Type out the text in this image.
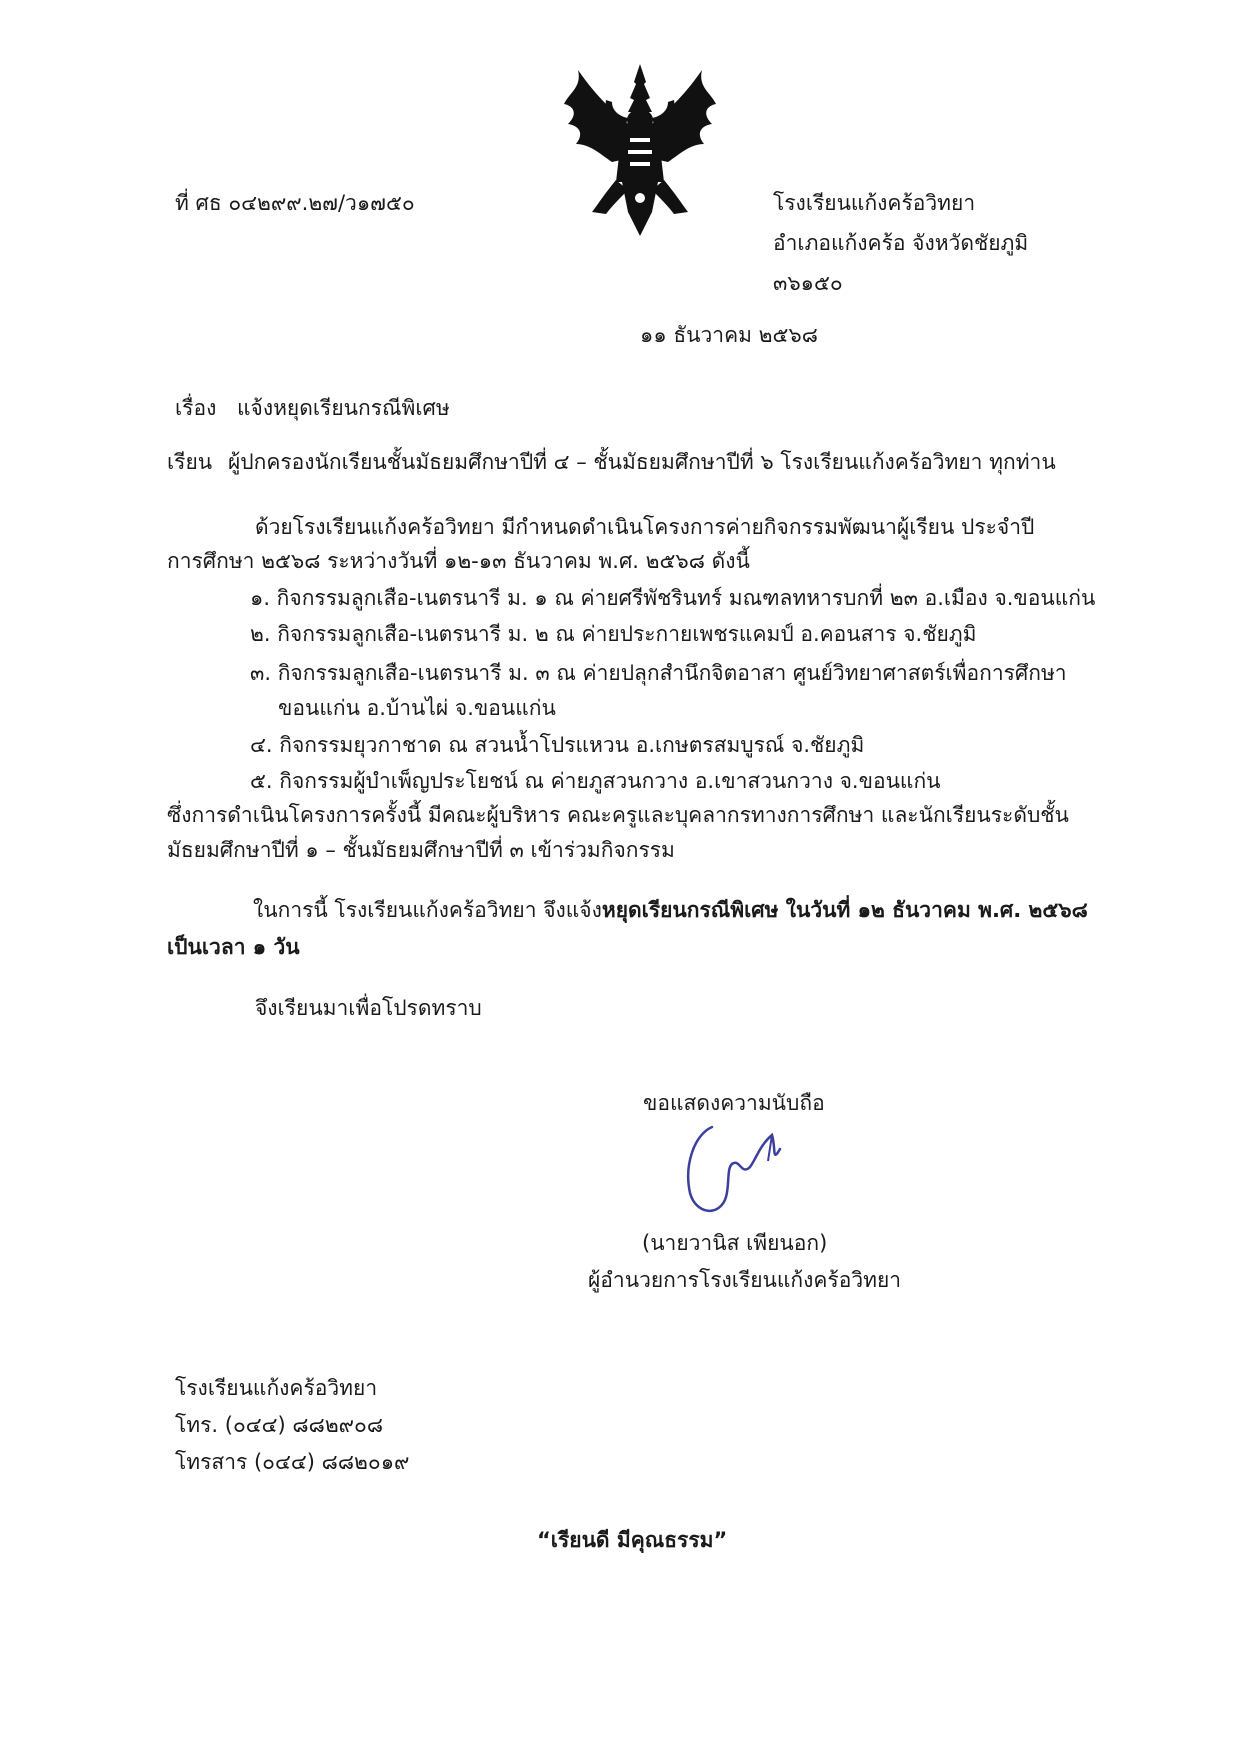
ที่ ศธ ๐๔๒๙๙.๒๗/ว๑๗๕๐	โรงเรียนแก้งคร้อวิทยา
อำเภอแก้งคร้อ จังหวัดชัยภูมิ
๓๖๑๕๐
๑๑ ธันวาคม ๒๕๖๘
เรื่อง แจ้งหยุดเรียนกรณีพิเศษ
เรียน ผู้ปกครองนักเรียนชั้นมัธยมศึกษาปีที่ ๔ – ชั้นมัธยมศึกษาปีที่ ๖ โรงเรียนแก้งคร้อวิทยา ทุกท่าน
ด้วยโรงเรียนแก้งคร้อวิทยา มีกำหนดดำเนินโครงการค่ายกิจกรรมพัฒนาผู้เรียน ประจำปี
การศึกษา ๒๕๖๘ ระหว่างวันที่ ๑๒-๑๓ ธันวาคม พ.ศ. ๒๕๖๘ ดังนี้
๑. กิจกรรมลูกเสือ-เนตรนารี ม. ๑ ณ ค่ายศรีพัชรินทร์ มณฑลทหารบกที่ ๒๓ อ.เมือง จ.ขอนแก่น
๒. กิจกรรมลูกเสือ-เนตรนารี ม. ๒ ณ ค่ายประกายเพชรแคมป์ อ.คอนสาร จ.ชัยภูมิ
๓. กิจกรรมลูกเสือ-เนตรนารี ม. ๓ ณ ค่ายปลุกสำนึกจิตอาสา ศูนย์วิทยาศาสตร์เพื่อการศึกษา
ขอนแก่น อ.บ้านไผ่ จ.ขอนแก่น
๔. กิจกรรมยุวกาชาด ณ สวนน้ำโปรแหวน อ.เกษตรสมบูรณ์ จ.ชัยภูมิ
๕. กิจกรรมผู้บำเพ็ญประโยชน์ ณ ค่ายภูสวนกวาง อ.เขาสวนกวาง จ.ขอนแก่น
ซึ่งการดำเนินโครงการครั้งนี้ มีคณะผู้บริหาร คณะครูและบุคลากรทางการศึกษา และนักเรียนระดับชั้น
มัธยมศึกษาปีที่ ๑ – ชั้นมัธยมศึกษาปีที่ ๓ เข้าร่วมกิจกรรม
ในการนี้ โรงเรียนแก้งคร้อวิทยา จึงแจ้งหยุดเรียนกรณีพิเศษ ในวันที่ ๑๒ ธันวาคม พ.ศ. ๒๕๖๘
เป็นเวลา ๑ วัน
จึงเรียนมาเพื่อโปรดทราบ
ขอแสดงความนับถือ
(นายวานิส เพียนอก)
ผู้อำนวยการโรงเรียนแก้งคร้อวิทยา
โรงเรียนแก้งคร้อวิทยา
โทร. (๐๔๔) ๘๘๒๙๐๘
โทรสาร (๐๔๔) ๘๘๒๐๑๙
“เรียนดี มีคุณธรรม”
